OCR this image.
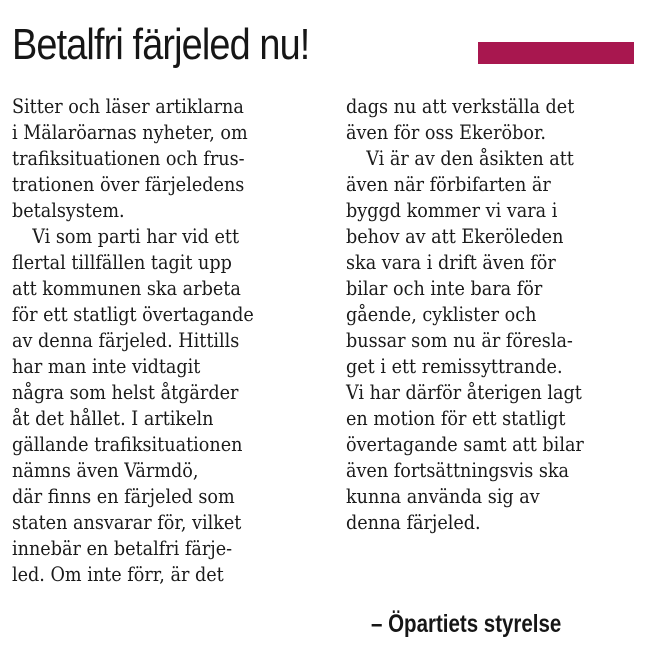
Betalfri färjeled nu!
Sitter och läser artiklarna
i Mälaröarnas nyheter, om
trafiksituationen och frus-
trationen över färjeledens
betalsystem.
Vi som parti har vid ett
flertal tillfällen tagit upp
att kommunen ska arbeta
för ett statligt övertagande
av denna färjeled. Hittills
har man inte vidtagit
några som helst åtgärder
åt det hållet. I artikeln
gällande trafiksituationen
nämns även Värmdö,
där finns en färjeled som
staten ansvarar för, vilket
innebär en betalfri färje-
led. Om inte förr, är det
dags nu att verkställa det
även för oss Ekeröbor.
Vi är av den åsikten att
även när förbifarten är
byggd kommer vi vara i
behov av att Ekeröleden
ska vara i drift även för
bilar och inte bara för
gående, cyklister och
bussar som nu är föresla-
get i ett remissyttrande.
Vi har därför återigen lagt
en motion för ett statligt
övertagande samt att bilar
även fortsättningsvis ska
kunna använda sig av
denna färjeled.
– Öpartiets styrelse
